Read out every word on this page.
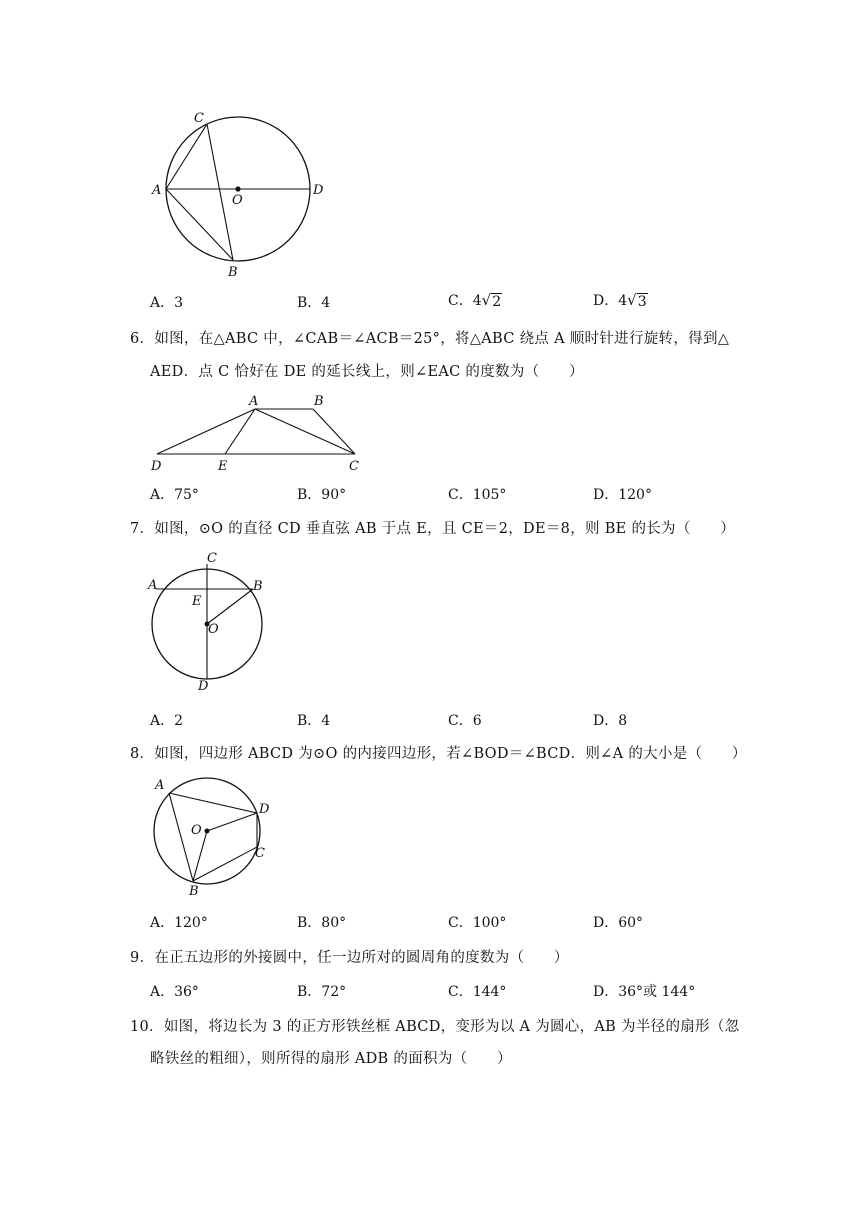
C
A
O
D
B
A．3	B．4	C．4 √ 2	D．4 √ 3
6．如图，在△ABC 中，∠CAB＝∠ACB＝25°，将△ABC 绕点 A 顺时针进行旋转，得到△
AED．点 C 恰好在 DE 的延长线上，则∠EAC 的度数为（　　）
A	B
D	E	C
A．75°	B．90°	C．105°	D．120°
7．如图，⊙O 的直径 CD 垂直弦 AB 于点 E，且 CE＝2，DE＝8，则 BE 的长为（　　）
C
A	B
E
O
D
A．2	B．4	C．6	D．8
8．如图，四边形 ABCD 为⊙O 的内接四边形，若∠BOD＝∠BCD．则∠A 的大小是（　　）
A
D
O
C
B
A．120°	B．80°	C．100°	D．60°
9．在正五边形的外接圆中，任一边所对的圆周角的度数为（　　）
A．36°	B．72°	C．144°	D．36°或 144°
10．如图，将边长为 3 的正方形铁丝框 ABCD，变形为以 A 为圆心，AB 为半径的扇形（忽
略铁丝的粗细），则所得的扇形 ADB 的面积为（　　）
